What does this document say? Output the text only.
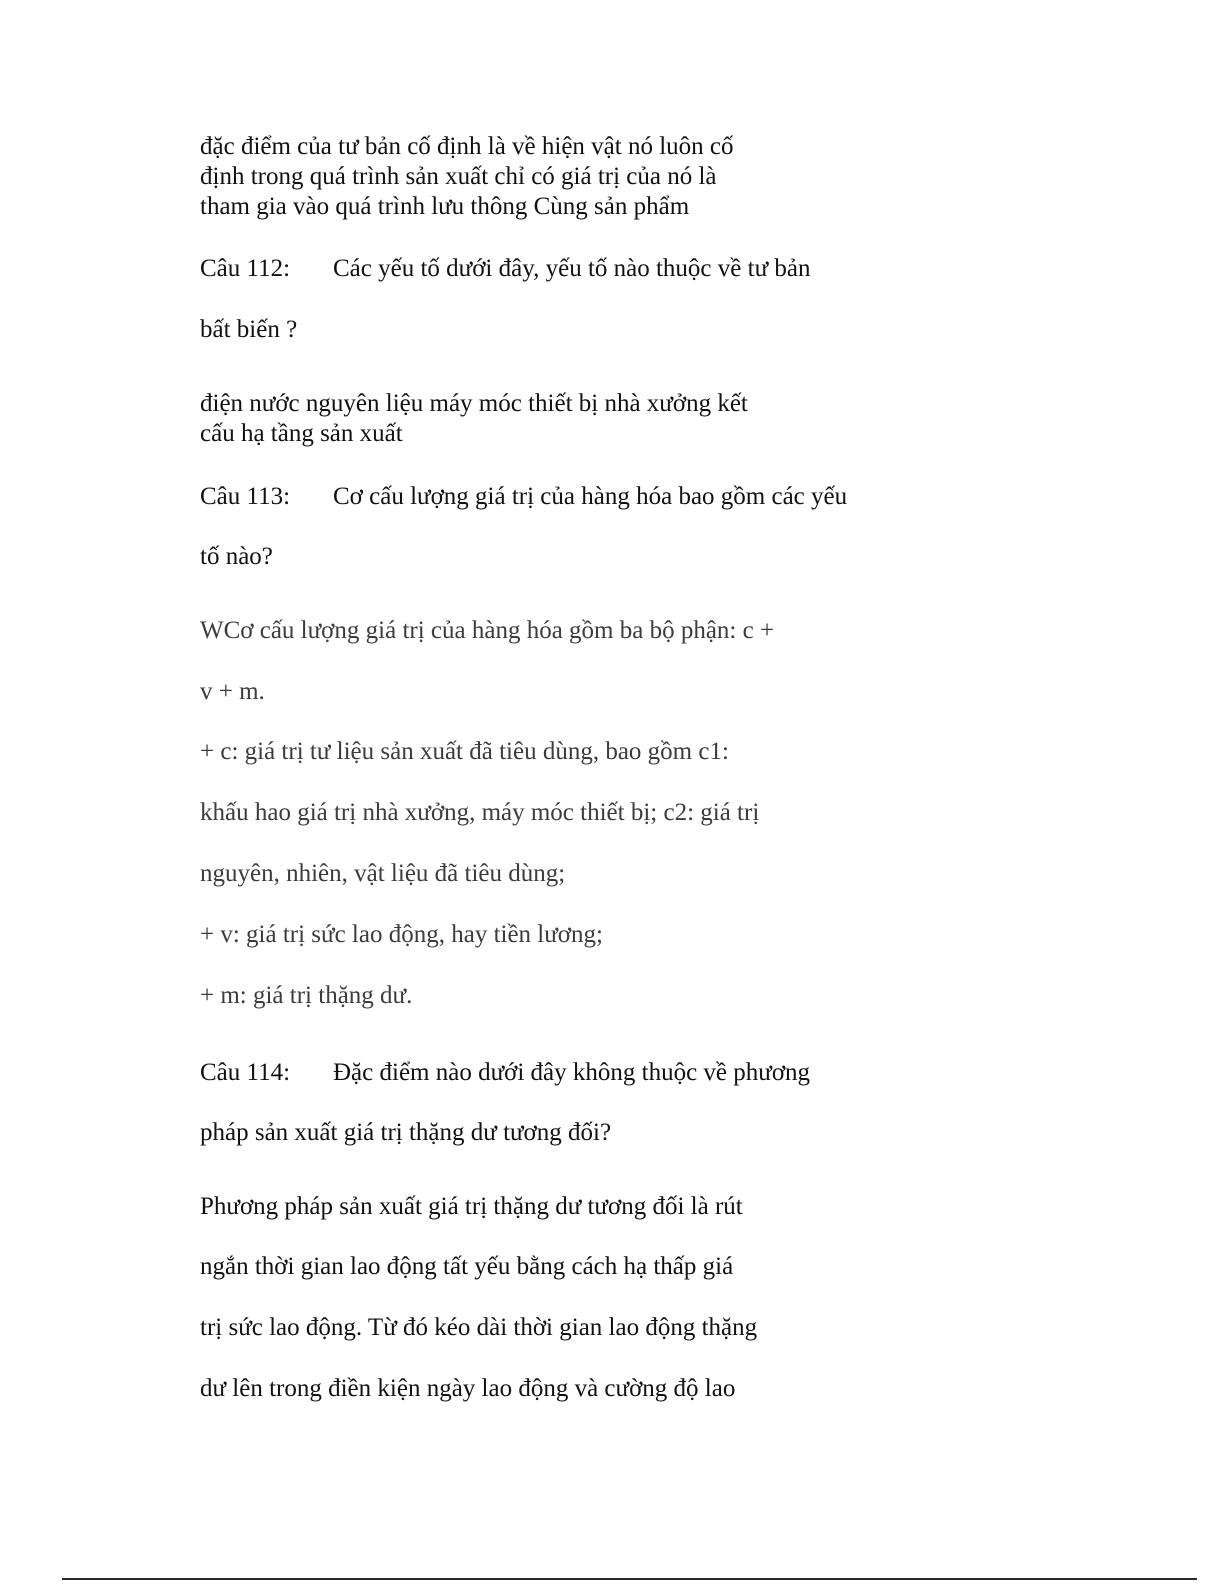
đặc điểm của tư bản cố định là về hiện vật nó luôn cố
định trong quá trình sản xuất chỉ có giá trị của nó là
tham gia vào quá trình lưu thông Cùng sản phẩm
Câu 112: Các yếu tố dưới đây, yếu tố nào thuộc về tư bản
bất biến ?
điện nước nguyên liệu máy móc thiết bị nhà xưởng kết
cấu hạ tầng sản xuất
Câu 113: Cơ cấu lượng giá trị của hàng hóa bao gồm các yếu
tố nào?
WCơ cấu lượng giá trị của hàng hóa gồm ba bộ phận: c +
v + m.
+ c: giá trị tư liệu sản xuất đã tiêu dùng, bao gồm c1:
khấu hao giá trị nhà xưởng, máy móc thiết bị; c2: giá trị
nguyên, nhiên, vật liệu đã tiêu dùng;
+ v: giá trị sức lao động, hay tiền lương;
+ m: giá trị thặng dư.
Câu 114: Đặc điểm nào dưới đây không thuộc về phương
pháp sản xuất giá trị thặng dư tương đối?
Phương pháp sản xuất giá trị thặng dư tương đối là rút
ngắn thời gian lao động tất yếu bằng cách hạ thấp giá
trị sức lao động. Từ đó kéo dài thời gian lao động thặng
dư lên trong điền kiện ngày lao động và cường độ lao
